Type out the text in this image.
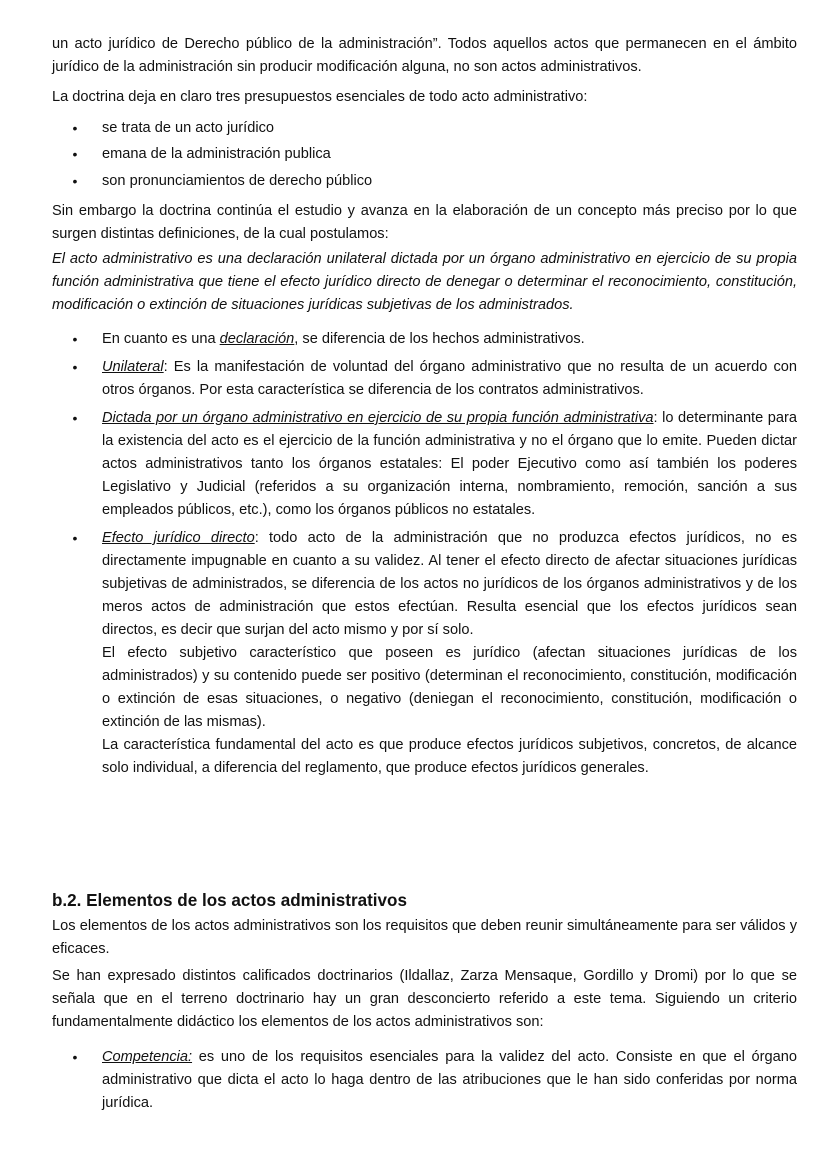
un acto jurídico de Derecho público de la administración”. Todos aquellos actos que permanecen en el ámbito jurídico de la administración sin producir modificación alguna, no son actos administrativos.

La doctrina deja en claro tres presupuestos esenciales de todo acto administrativo:

• se trata de un acto jurídico

• emana de la administración publica

• son pronunciamientos de derecho público

Sin embargo la doctrina continúa el estudio y avanza en la elaboración de un concepto más preciso por lo que surgen distintas definiciones, de la cual postulamos:

El acto administrativo es una declaración unilateral dictada por un órgano administrativo en ejercicio de su propia función administrativa que tiene el efecto jurídico directo de denegar o determinar el reconocimiento, constitución, modificación o extinción de situaciones jurídicas subjetivas de los administrados.

• En cuanto es una declaración, se diferencia de los hechos administrativos.

• Unilateral: Es la manifestación de voluntad del órgano administrativo que no resulta de un acuerdo con otros órganos. Por esta característica se diferencia de los contratos administrativos.

• Dictada por un órgano administrativo en ejercicio de su propia función administrativa: lo determinante para la existencia del acto es el ejercicio de la función administrativa y no el órgano que lo emite. Pueden dictar actos administrativos tanto los órganos estatales: El poder Ejecutivo como así también los poderes Legislativo y Judicial (referidos a su organización interna, nombramiento, remoción, sanción a sus empleados públicos, etc.), como los órganos públicos no estatales.

• Efecto jurídico directo: todo acto de la administración que no produzca efectos jurídicos, no es directamente impugnable en cuanto a su validez. Al tener el efecto directo de afectar situaciones jurídicas subjetivas de administrados, se diferencia de los actos no jurídicos de los órganos administrativos y de los meros actos de administración que estos efectúan. Resulta esencial que los efectos jurídicos sean directos, es decir que surjan del acto mismo y por sí solo.
El efecto subjetivo característico que poseen es jurídico (afectan situaciones jurídicas de los administrados) y su contenido puede ser positivo (determinan el reconocimiento, constitución, modificación o extinción de esas situaciones, o negativo (deniegan el reconocimiento, constitución, modificación o extinción de las mismas).
La característica fundamental del acto es que produce efectos jurídicos subjetivos, concretos, de alcance solo individual, a diferencia del reglamento, que produce efectos jurídicos generales.
b.2. Elementos de los actos administrativos

Los elementos de los actos administrativos son los requisitos que deben reunir simultáneamente para ser válidos y eficaces.

Se han expresado distintos calificados doctrinarios (Ildallaz, Zarza Mensaque, Gordillo y Dromi) por lo que se señala que en el terreno doctrinario hay un gran desconcierto referido a este tema. Siguiendo un criterio fundamentalmente didáctico los elementos de los actos administrativos son:

• Competencia: es uno de los requisitos esenciales para la validez del acto. Consiste en que el órgano administrativo que dicta el acto lo haga dentro de las atribuciones que le han sido conferidas por norma jurídica.
